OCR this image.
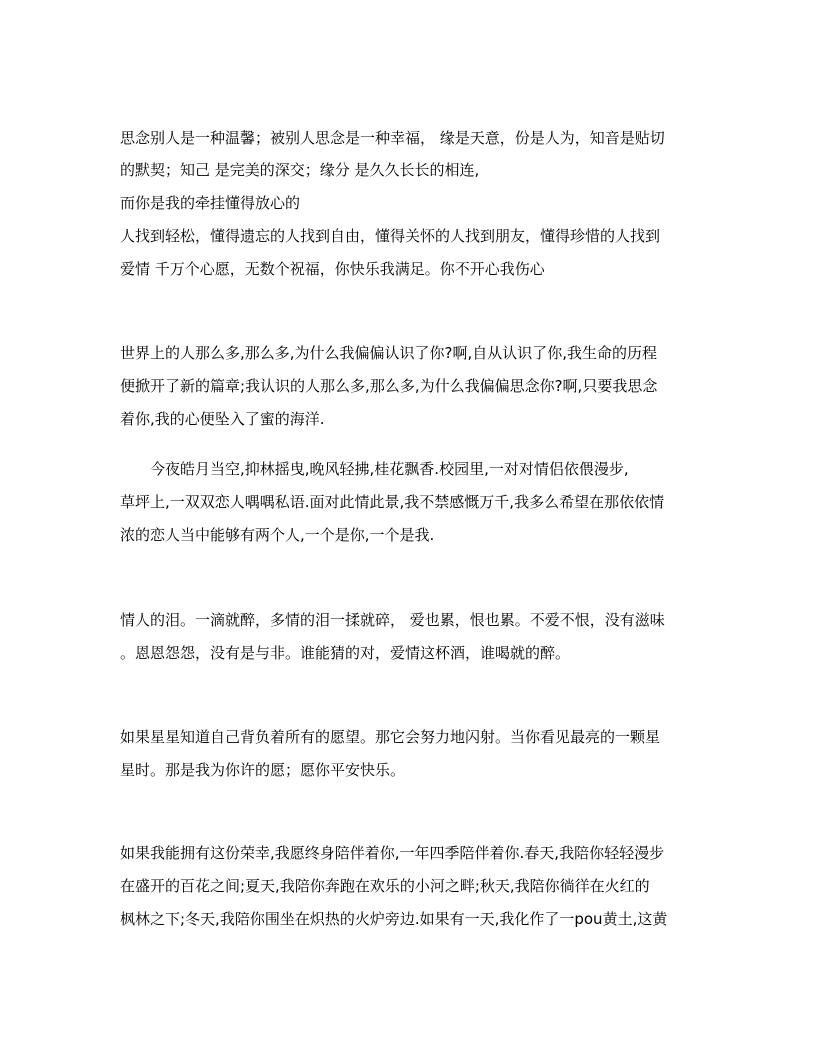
思念别人是一种温馨；被别人思念是一种幸福， 缘是天意，份是人为，知音是贴切
的默契；知己 是完美的深交；缘分 是久久长长的相连,
而你是我的牵挂懂得放心的
人找到轻松，懂得遗忘的人找到自由，懂得关怀的人找到朋友，懂得珍惜的人找到
爱情 千万个心愿，无数个祝福，你快乐我满足。你不开心我伤心
世界上的人那么多,那么多,为什么我偏偏认识了你?啊,自从认识了你,我生命的历程
便掀开了新的篇章;我认识的人那么多,那么多,为什么我偏偏思念你?啊,只要我思念
着你,我的心便坠入了蜜的海洋.
今夜皓月当空,抑林摇曳,晚风轻拂,桂花飘香.校园里,一对对情侣依偎漫步,
草坪上,一双双恋人喁喁私语.面对此情此景,我不禁感慨万千,我多么希望在那依依情
浓的恋人当中能够有两个人,一个是你,一个是我.
情人的泪。一滴就醉，多情的泪一揉就碎， 爱也累，恨也累。不爱不恨，没有滋味
。恩恩怨怨，没有是与非。谁能猜的对，爱情这杯酒，谁喝就的醉。
如果星星知道自己背负着所有的愿望。那它会努力地闪射。当你看见最亮的一颗星
星时。那是我为你许的愿；愿你平安快乐。
如果我能拥有这份荣幸,我愿终身陪伴着你,一年四季陪伴着你.春天,我陪你轻轻漫步
在盛开的百花之间;夏天,我陪你奔跑在欢乐的小河之畔;秋天,我陪你徜徉在火红的
枫林之下;冬天,我陪你围坐在炽热的火炉旁边.如果有一天,我化作了一pou黄土,这黄
